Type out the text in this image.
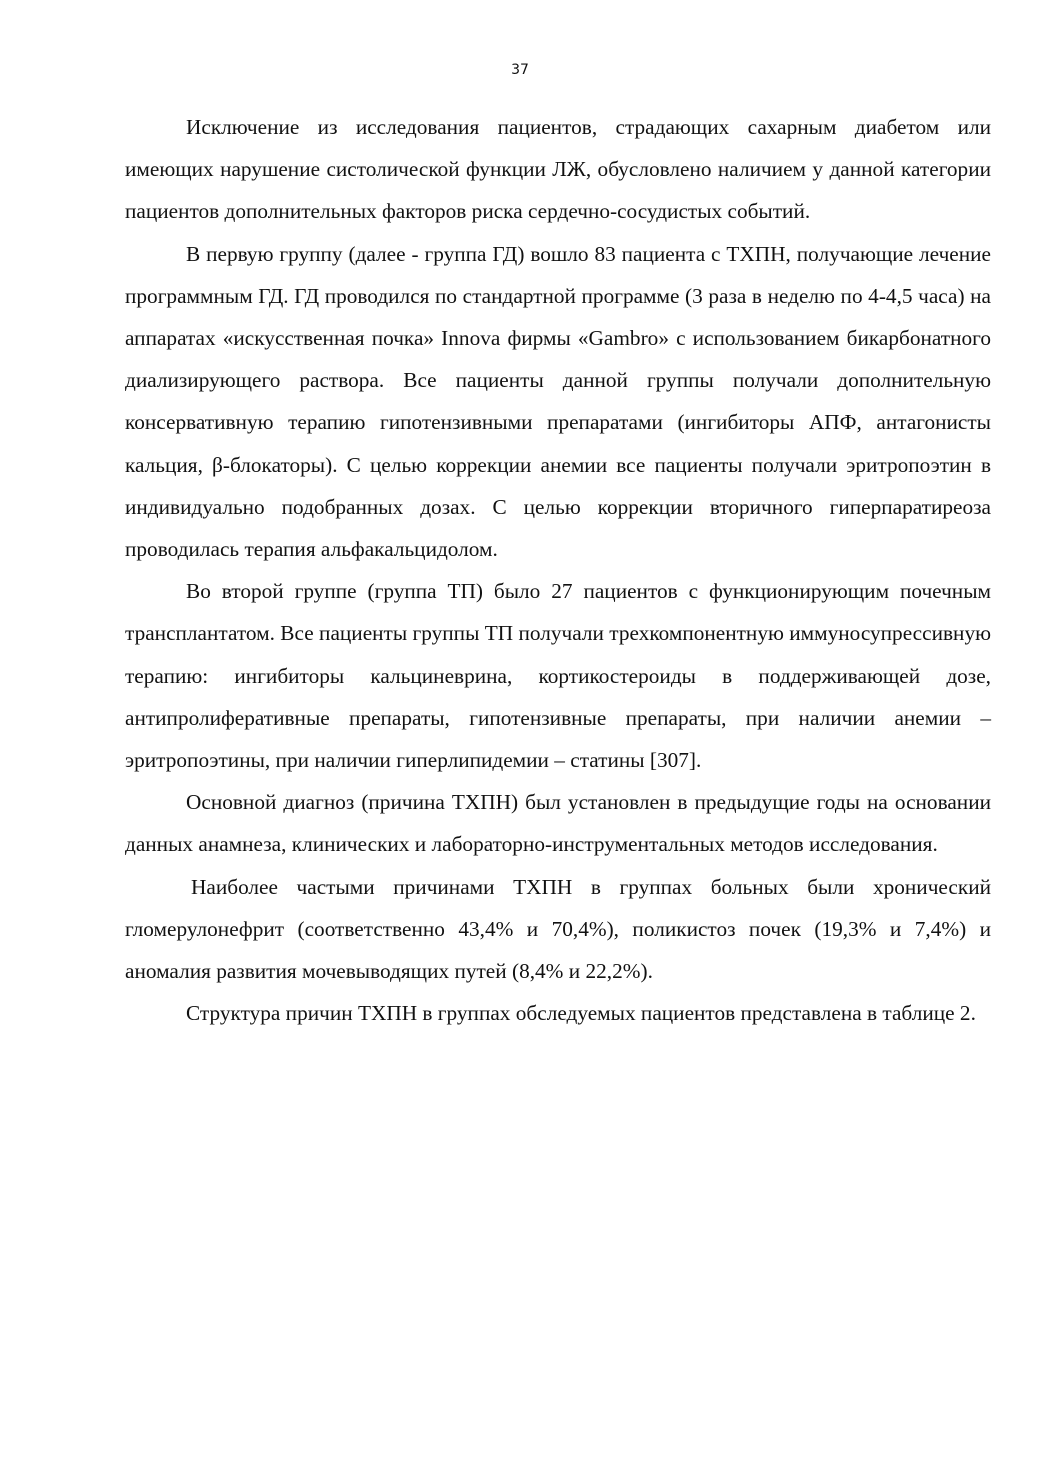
37

Исключение из исследования пациентов, страдающих сахарным диабетом или имеющих нарушение систолической функции ЛЖ, обусловлено наличием у данной категории пациентов дополнительных факторов риска сердечно-сосудистых событий.

В первую группу (далее - группа ГД) вошло 83 пациента с ТХПН, получающие лечение программным ГД. ГД проводился по стандартной программе (3 раза в неделю по 4-4,5 часа) на аппаратах «искусственная почка» Innova фирмы «Gambro» с использованием бикарбонатного диализирующего раствора. Все пациенты данной группы получали дополнительную консервативную терапию гипотензивными препаратами (ингибиторы АПФ, антагонисты кальция, β-блокаторы). С целью коррекции анемии все пациенты получали эритропоэтин в индивидуально подобранных дозах. С целью коррекции вторичного гиперпаратиреоза проводилась терапия альфакальцидолом.

Во второй группе (группа ТП) было 27 пациентов с функционирующим почечным трансплантатом. Все пациенты группы ТП получали трехкомпонентную иммуносупрессивную терапию: ингибиторы кальциневрина, кортикостероиды в поддерживающей дозе, антипролиферативные препараты, гипотензивные препараты, при наличии анемии – эритропоэтины, при наличии гиперлипидемии – статины [307].

Основной диагноз (причина ТХПН) был установлен в предыдущие годы на основании данных анамнеза, клинических и лабораторно-инструментальных методов исследования.

Наиболее частыми причинами ТХПН в группах больных были хронический гломерулонефрит (соответственно 43,4% и 70,4%), поликистоз почек (19,3% и 7,4%) и аномалия развития мочевыводящих путей (8,4% и 22,2%).

Структура причин ТХПН в группах обследуемых пациентов представлена в таблице 2.
